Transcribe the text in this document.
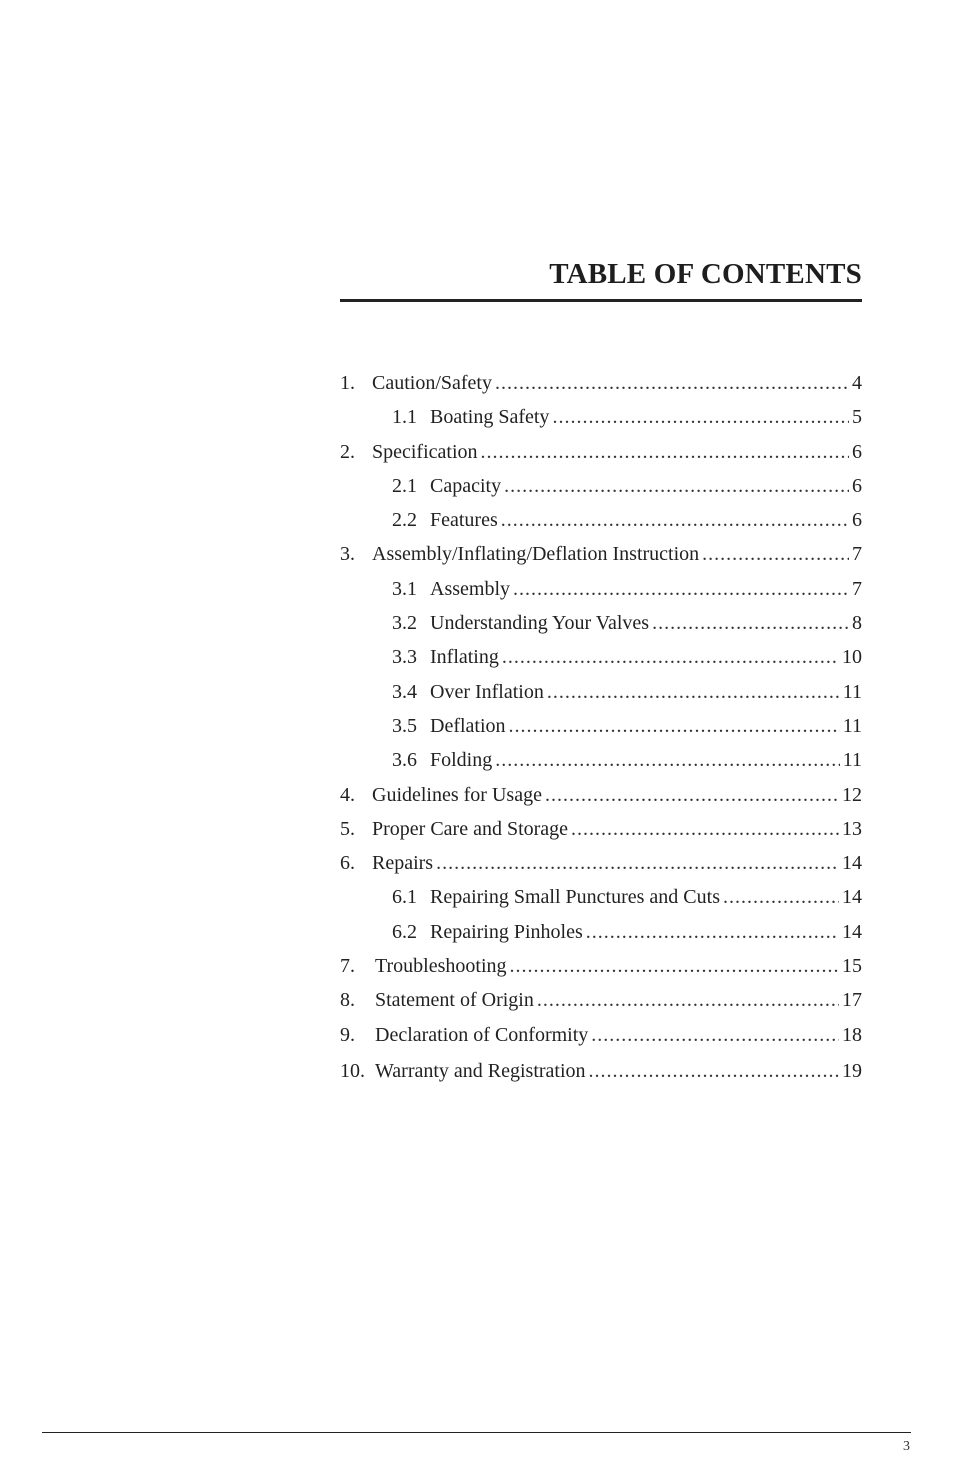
TABLE OF CONTENTS
1. Caution/Safety .....	4
1.1 Boating Safety .....	5
2. Specification .....	6
2.1 Capacity .....	6
2.2 Features .....	6
3. Assembly/Inflating/Deflation Instruction .....	7
3.1 Assembly .....	7
3.2 Understanding Your Valves .....	8
3.3 Inflating .....	10
3.4 Over Inflation .....	11
3.5 Deflation .....	11
3.6 Folding .....	11
4. Guidelines for Usage .....	12
5. Proper Care and Storage .....	13
6. Repairs .....	14
6.1 Repairing Small Punctures and Cuts .....	14
6.2 Repairing Pinholes .....	14
7.	Troubleshooting .....	15
8.	Statement of Origin .....	17
9.	Declaration of Conformity .....	18
10. Warranty and Registration .....	19
3
